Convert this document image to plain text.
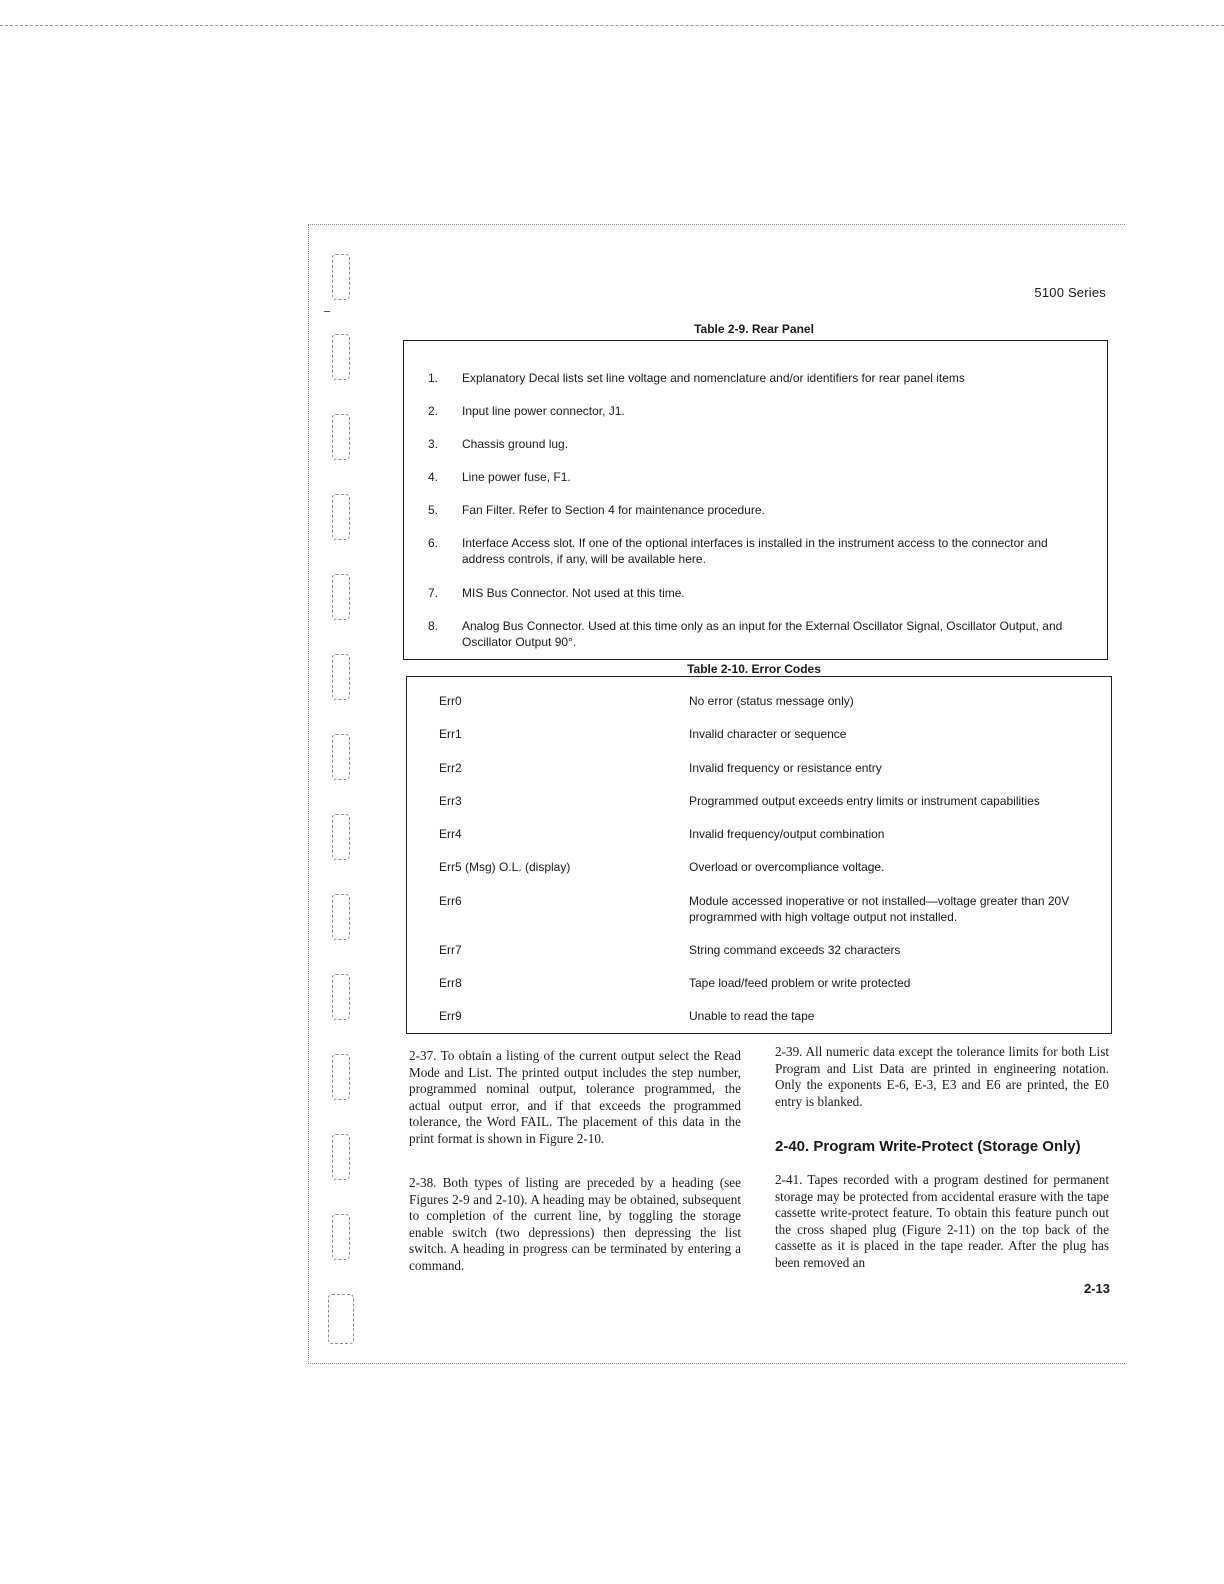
5100 Series
Table 2-9. Rear Panel
1.	Explanatory Decal lists set line voltage and nomenclature and/or identifiers for rear panel items
2.	Input line power connector, J1.
3.	Chassis ground lug.
4.	Line power fuse, F1.
5.	Fan Filter. Refer to Section 4 for maintenance procedure.
6.	Interface Access slot. If one of the optional interfaces is installed in the instrument access to the connector and address controls, if any, will be available here.
7.	MIS Bus Connector. Not used at this time.
8.	Analog Bus Connector. Used at this time only as an input for the External Oscillator Signal, Oscillator Output, and Oscillator Output 90°.
Table 2-10. Error Codes
Err0	No error (status message only)
Err1	Invalid character or sequence
Err2	Invalid frequency or resistance entry
Err3	Programmed output exceeds entry limits or instrument capabilities
Err4	Invalid frequency/output combination
Err5 (Msg) O.L. (display)	Overload or overcompliance voltage.
Err6	Module accessed inoperative or not installed—voltage greater than 20V programmed with high voltage output not installed.
Err7	String command exceeds 32 characters
Err8	Tape load/feed problem or write protected
Err9	Unable to read the tape
2-37. To obtain a listing of the current output select the Read Mode and List. The printed output includes the step number, programmed nominal output, tolerance programmed, the actual output error, and if that exceeds the programmed tolerance, the Word FAIL. The placement of this data in the print format is shown in Figure 2-10.
2-38. Both types of listing are preceded by a heading (see Figures 2-9 and 2-10). A heading may be obtained, subsequent to completion of the current line, by toggling the storage enable switch (two depressions) then depressing the list switch. A heading in progress can be terminated by entering a command.
2-39. All numeric data except the tolerance limits for both List Program and List Data are printed in engineering notation. Only the exponents E-6, E-3, E3 and E6 are printed, the E0 entry is blanked.
2-40. Program Write-Protect (Storage Only)
2-41. Tapes recorded with a program destined for permanent storage may be protected from accidental erasure with the tape cassette write-protect feature. To obtain this feature punch out the cross shaped plug (Figure 2-11) on the top back of the cassette as it is placed in the tape reader. After the plug has been removed an
2-13
